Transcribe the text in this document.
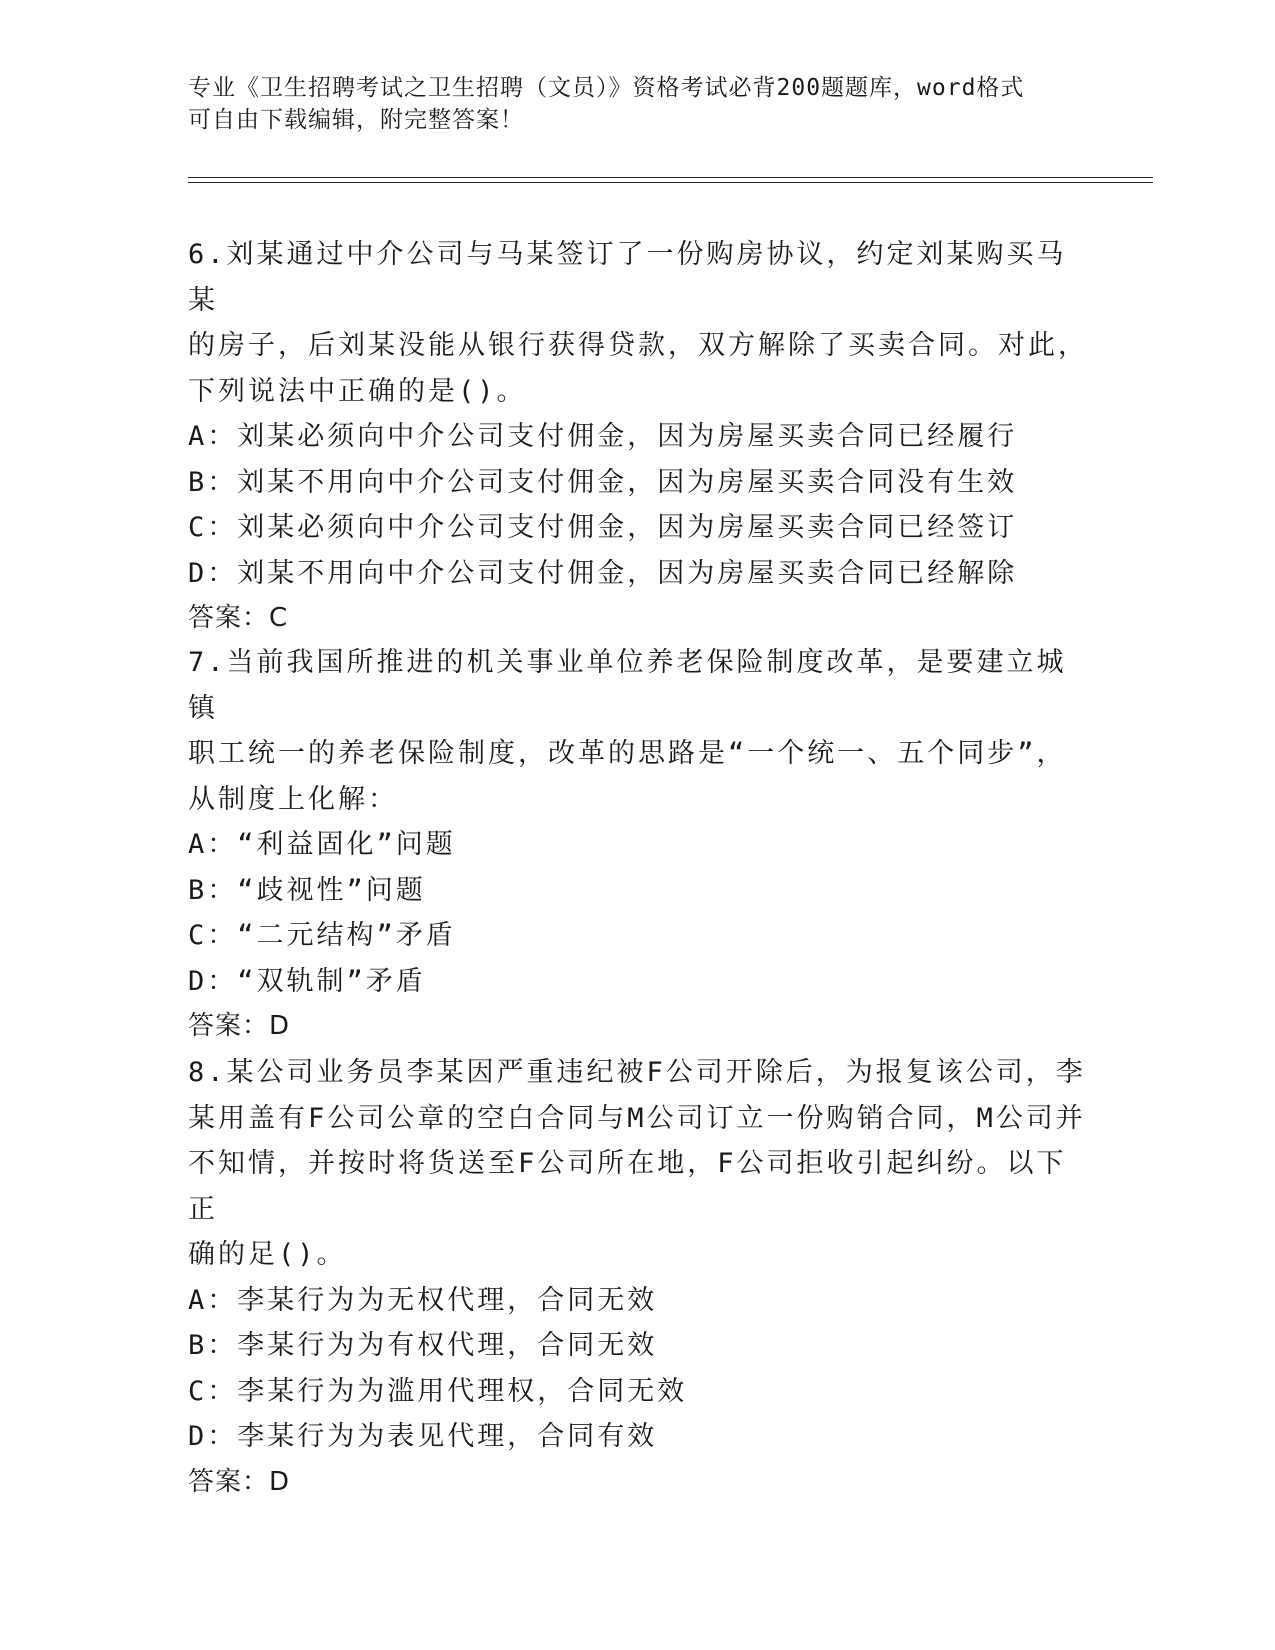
专业《卫生招聘考试之卫生招聘（文员）》资格考试必背200题题库，word格式
可自由下载编辑，附完整答案！
6.刘某通过中介公司与马某签订了一份购房协议，约定刘某购买马某
的房子，后刘某没能从银行获得贷款，双方解除了买卖合同。对此，
下列说法中正确的是()。
A：刘某必须向中介公司支付佣金，因为房屋买卖合同已经履行
B：刘某不用向中介公司支付佣金，因为房屋买卖合同没有生效
C：刘某必须向中介公司支付佣金，因为房屋买卖合同已经签订
D：刘某不用向中介公司支付佣金，因为房屋买卖合同已经解除
答案：C
7.当前我国所推进的机关事业单位养老保险制度改革，是要建立城镇
职工统一的养老保险制度，改革的思路是“一个统一、五个同步”，
从制度上化解：
A：“利益固化”问题
B：“歧视性”问题
C：“二元结构”矛盾
D：“双轨制”矛盾
答案：D
8.某公司业务员李某因严重违纪被F公司开除后，为报复该公司，李
某用盖有F公司公章的空白合同与M公司订立一份购销合同，M公司并
不知情，并按时将货送至F公司所在地，F公司拒收引起纠纷。以下正
确的足()。
A：李某行为为无权代理，合同无效
B：李某行为为有权代理，合同无效
C：李某行为为滥用代理权，合同无效
D：李某行为为表见代理，合同有效
答案：D
